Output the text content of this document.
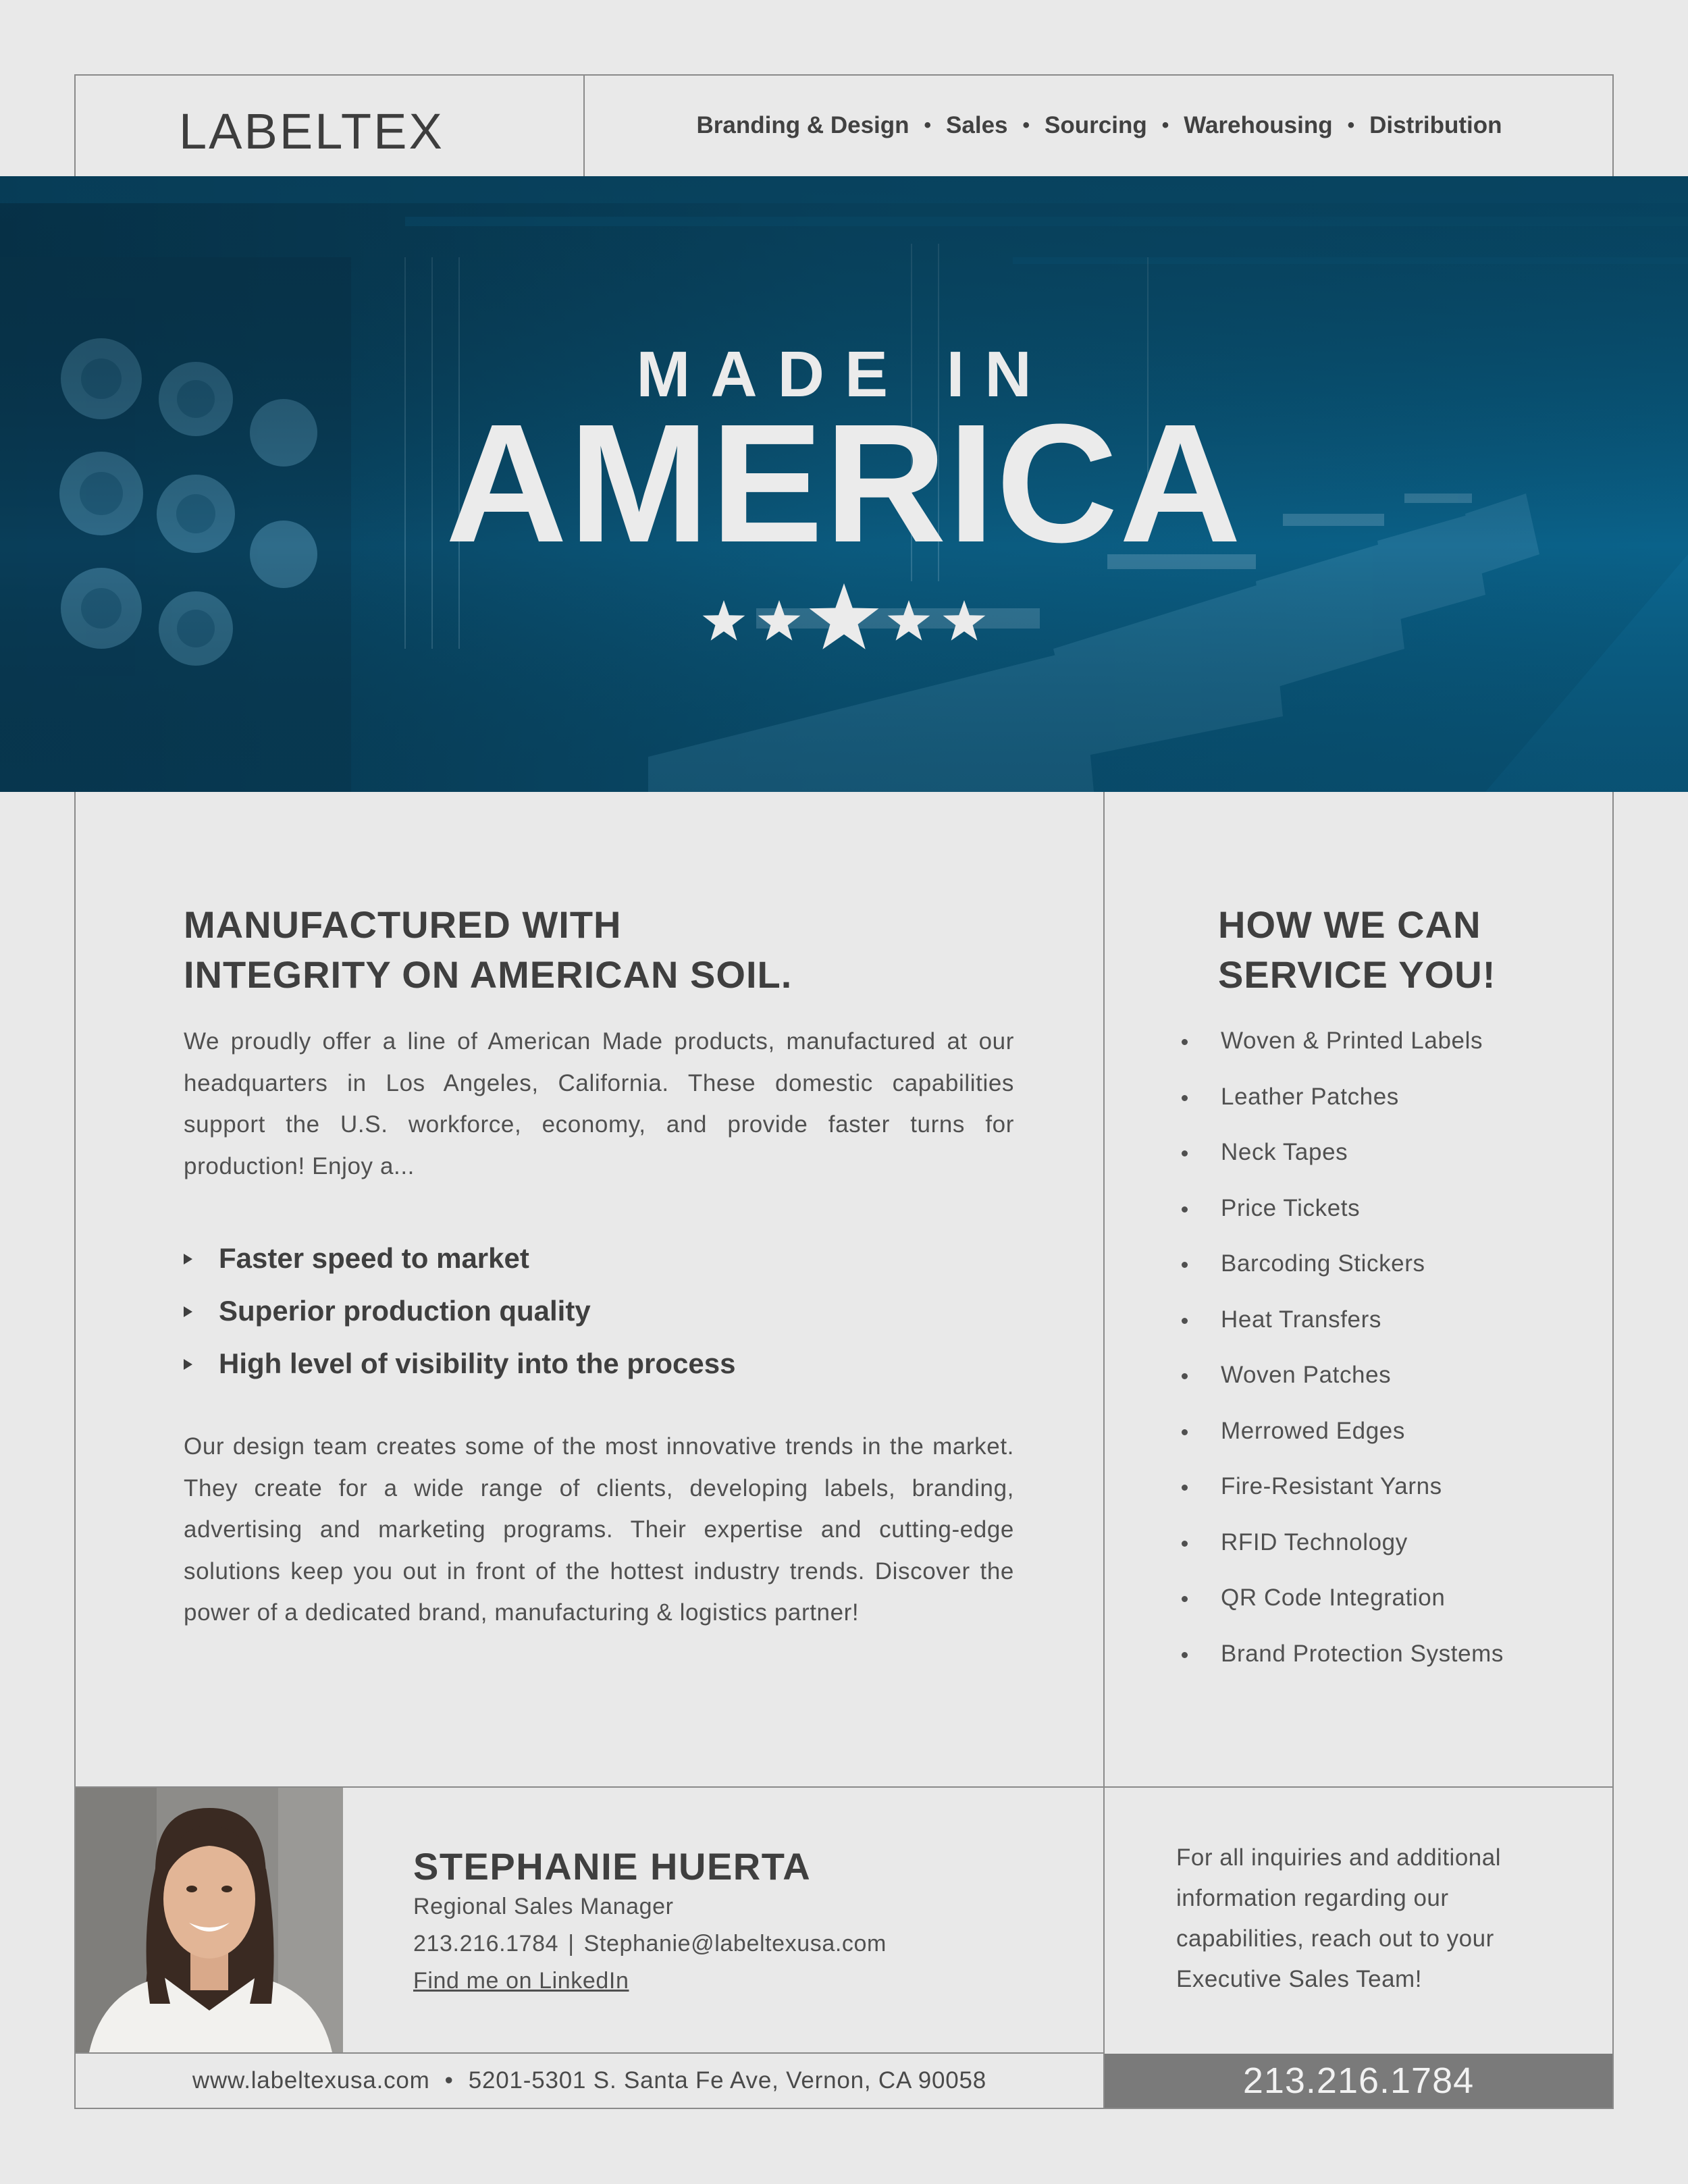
LABELTEX	Branding & Design • Sales • Sourcing • Warehousing • Distribution
MADE IN
AMERICA
MANUFACTURED WITH
INTEGRITY ON AMERICAN SOIL.

We proudly offer a line of American Made products, manufactured at our headquarters in Los Angeles, California. These domestic capabilities support the U.S. workforce, economy, and provide faster turns for production! Enjoy a...

Faster speed to market
Superior production quality
High level of visibility into the process

Our design team creates some of the most innovative trends in the market. They create for a wide range of clients, developing labels, branding, advertising and marketing programs. Their expertise and cutting-edge solutions keep you out in front of the hottest industry trends. Discover the power of a dedicated brand, manufacturing & logistics partner!

HOW WE CAN
SERVICE YOU!
Woven & Printed Labels
Leather Patches
Neck Tapes
Price Tickets
Barcoding Stickers
Heat Transfers
Woven Patches
Merrowed Edges
Fire-Resistant Yarns
RFID Technology
QR Code Integration
Brand Protection Systems
STEPHANIE HUERTA
Regional Sales Manager
213.216.1784 | Stephanie@labeltexusa.com
Find me on LinkedIn
For all inquiries and additional information regarding our capabilities, reach out to your Executive Sales Team!
www.labeltexusa.com • 5201-5301 S. Santa Fe Ave, Vernon, CA 90058	213.216.1784
